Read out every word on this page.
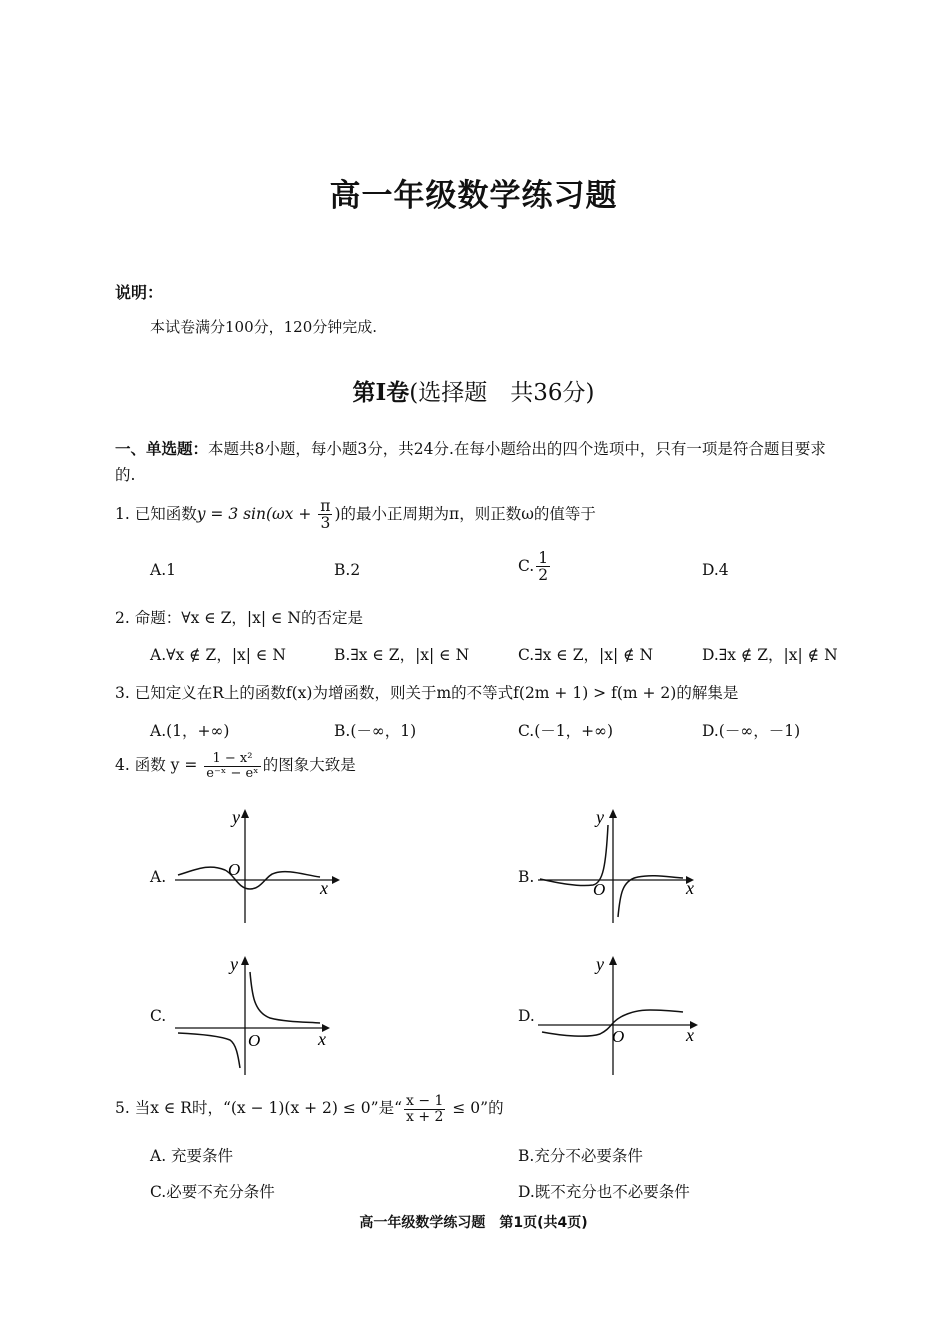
高一年级数学练习题
说明：
本试卷满分100分，120分钟完成.
第Ⅰ卷(选择题　共36分)
一、单选题：本题共8小题，每小题3分，共24分.在每小题给出的四个选项中，只有一项是符合题目要求的.
1. 已知函数y = 3 $\sin(\omega x + \frac{\pi}{3}$ )的最小正周期为π，则正数ω的值等于
A.1	B.2	C. $\frac{1}{2}$	D.4
2. 命题：∀x ∈ Z，|x| ∈ N的否定是
A.∀x ∉ Z，|x| ∈ N	B.∃x ∈ Z，|x| ∈ N	C.∃x ∈ Z，|x| ∉ N	D.∃x ∉ Z，|x| ∉ N
3. 已知定义在R上的函数f(x)为增函数，则关于m的不等式f(2m + 1) > f(m + 2)的解集是
A.(1，+∞)	B.(－∞，1)	C.(－1，+∞)	D.(－∞，－1)
4. 函数 $y = \frac{\text{1 − x²}}{\text{e⁻ˣ − eˣ}}$ 的图象大致是
A.	O
x
y
B.
O	x
y
C.
O	x
y
D.
O	x
y
5. 当x ∈ R时，“(x − 1)(x + 2) ≤ 0”是“ $\frac{x - 1}{x + 2} \le 0$”的
A. 充要条件	B.充分不必要条件
C.必要不充分条件	D.既不充分也不必要条件
高一年级数学练习题　第1页(共4页)
